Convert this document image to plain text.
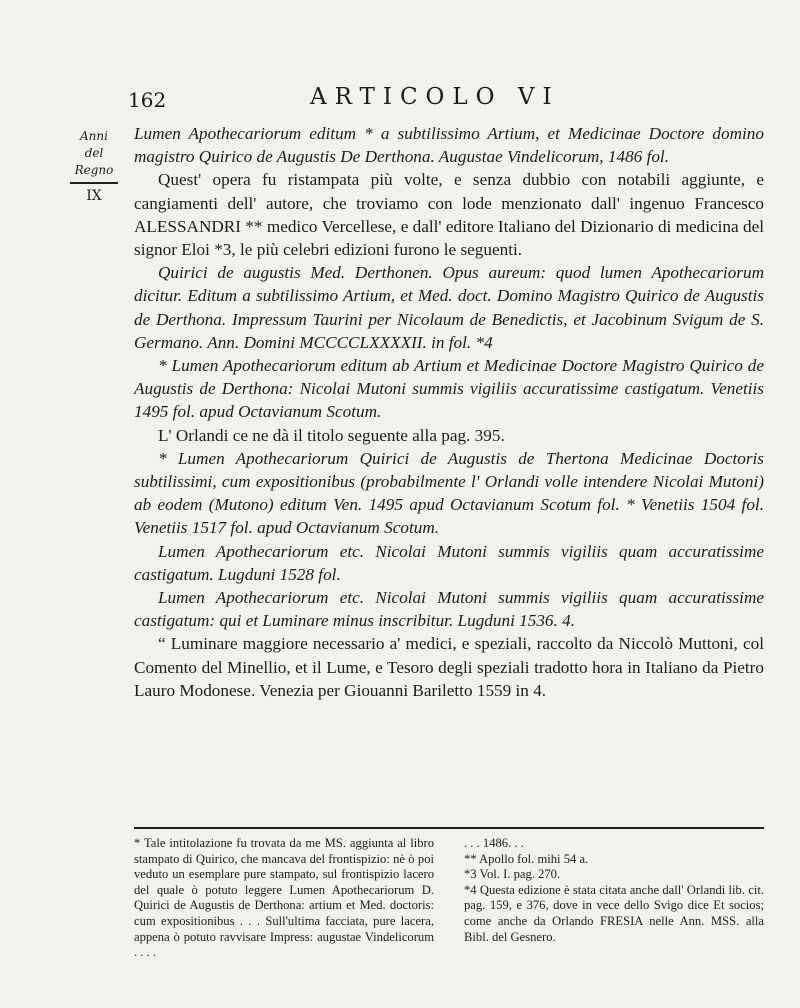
162	ARTICOLO VI
Anni
del Regno
IX

Lumen Apothecariorum editum * a subtilissimo Artium, et Medicinae Doctore domino magistro Quirico de Augustis De Derthona. Augustae Vindelicorum, 1486 fol.

Quest' opera fu ristampata più volte, e senza dubbio con notabili aggiunte, e cangiamenti dell' autore, che troviamo con lode menzionato dall' ingenuo Francesco ALESSANDRI ** medico Vercellese, e dall' editore Italiano del Dizionario di medicina del signor Eloi *3, le più celebri edizioni furono le seguenti.

Quirici de augustis Med. Derthonen. Opus aureum: quod lumen Apothecariorum dicitur. Editum a subtilissimo Artium, et Med. doct. Domino Magistro Quirico de Augustis de Derthona. Impressum Taurini per Nicolaum de Benedictis, et Jacobinum Svigum de S. Germano. Ann. Domini MCCCCLXXXXII. in fol. *4

* Lumen Apothecariorum editum ab Artium et Medicinae Doctore Magistro Quirico de Augustis de Derthona: Nicolai Mutoni summis vigiliis accuratissime castigatum. Venetiis 1495 fol. apud Octavianum Scotum.

L' Orlandi ce ne dà il titolo seguente alla pag. 395.

* Lumen Apothecariorum Quirici de Augustis de Thertona Medicinae Doctoris subtilissimi, cum expositionibus (probabilmente l' Orlandi volle intendere Nicolai Mutoni) ab eodem (Mutono) editum Ven. 1495 apud Octavianum Scotum fol. * Venetiis 1504 fol. Venetiis 1517 fol. apud Octavianum Scotum.

Lumen Apothecariorum etc. Nicolai Mutoni summis vigiliis quam accuratissime castigatum. Lugduni 1528 fol.

Lumen Apothecariorum etc. Nicolai Mutoni summis vigiliis quam accuratissime castigatum: qui et Luminare minus inscribitur. Lugduni 1536. 4.

“ Luminare maggiore necessario a' medici, e speziali, raccolto da Niccolò Muttoni, col Comento del Minellio, et il Lume, e Tesoro degli speziali tradotto hora in Italiano da Pietro Lauro Modonese. Venezia per Giouanni Bariletto 1559 in 4.

* Tale intitolazione fu trovata da me MS. aggiunta al libro stampato di Quirico, che mancava del frontispizio: nè ò poi veduto un esemplare pure stampato, sul frontispizio lacero del quale ò potuto leggere Lumen Apothecariorum D. Quirici de Augustis de Derthona: artium et Med. doctoris: cum expositionibus . . . Sull'ultima facciata, pure lacera, appena ò potuto ravvisare Impress: augustae Vindelicorum . . . .

. . . 1486. . .

** Apollo fol. mihi 54 a.

*3 Vol. I. pag. 270.

*4 Questa edizione è stata citata anche dall' Orlandi lib. cit. pag. 159, e 376, dove in vece dello Svigo dice Et socios; come anche da Orlando FRESIA nelle Ann. MSS. alla Bibl. del Gesnero.
